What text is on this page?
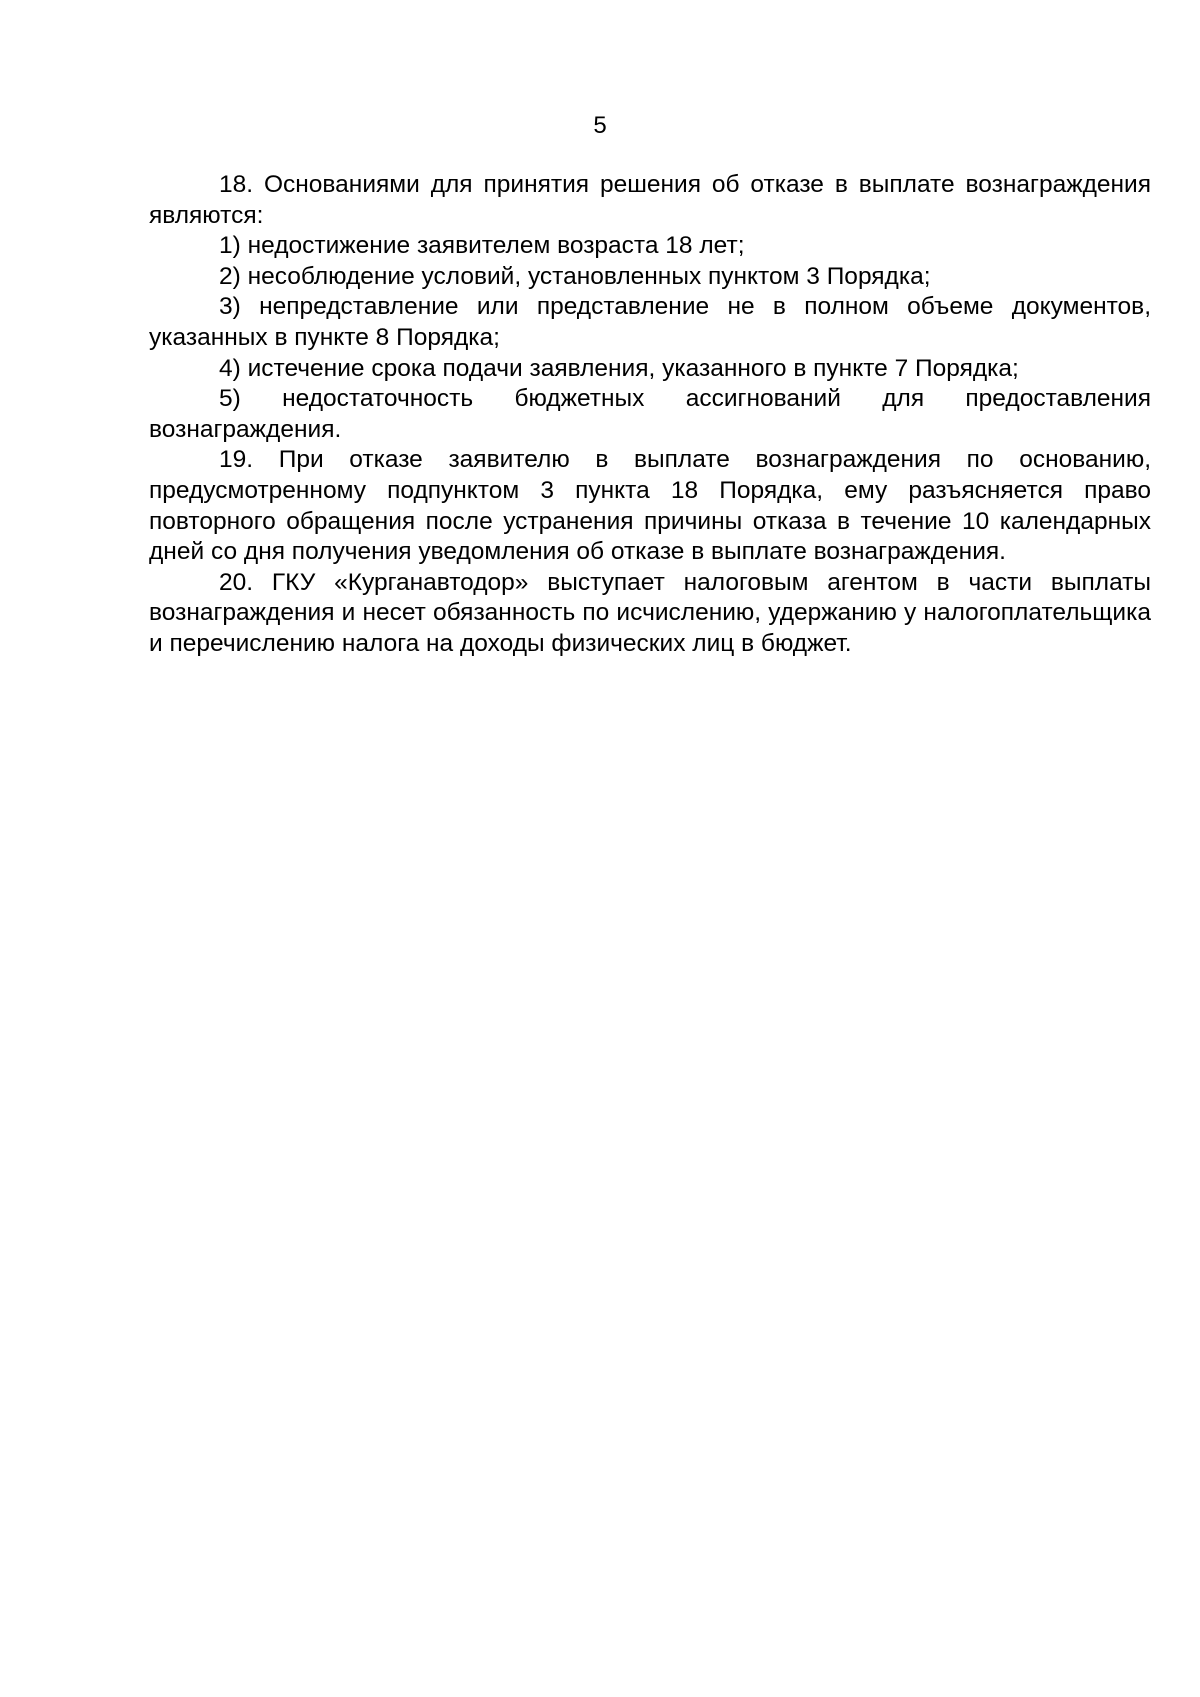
5

18. Основаниями для принятия решения об отказе в выплате вознаграждения являются:

1) недостижение заявителем возраста 18 лет;

2) несоблюдение условий, установленных пунктом 3 Порядка;

3) непредставление или представление не в полном объеме документов, указанных в пункте 8 Порядка;

4) истечение срока подачи заявления, указанного в пункте 7 Порядка;

5) недостаточность бюджетных ассигнований для предоставления вознаграждения.

19. При отказе заявителю в выплате вознаграждения по основанию, предусмотренному подпунктом 3 пункта 18 Порядка, ему разъясняется право повторного обращения после устранения причины отказа в течение 10 календарных дней со дня получения уведомления об отказе в выплате вознаграждения.

20. ГКУ «Курганавтодор» выступает налоговым агентом в части выплаты вознаграждения и несет обязанность по исчислению, удержанию у налогоплательщика и перечислению налога на доходы физических лиц в бюджет.
